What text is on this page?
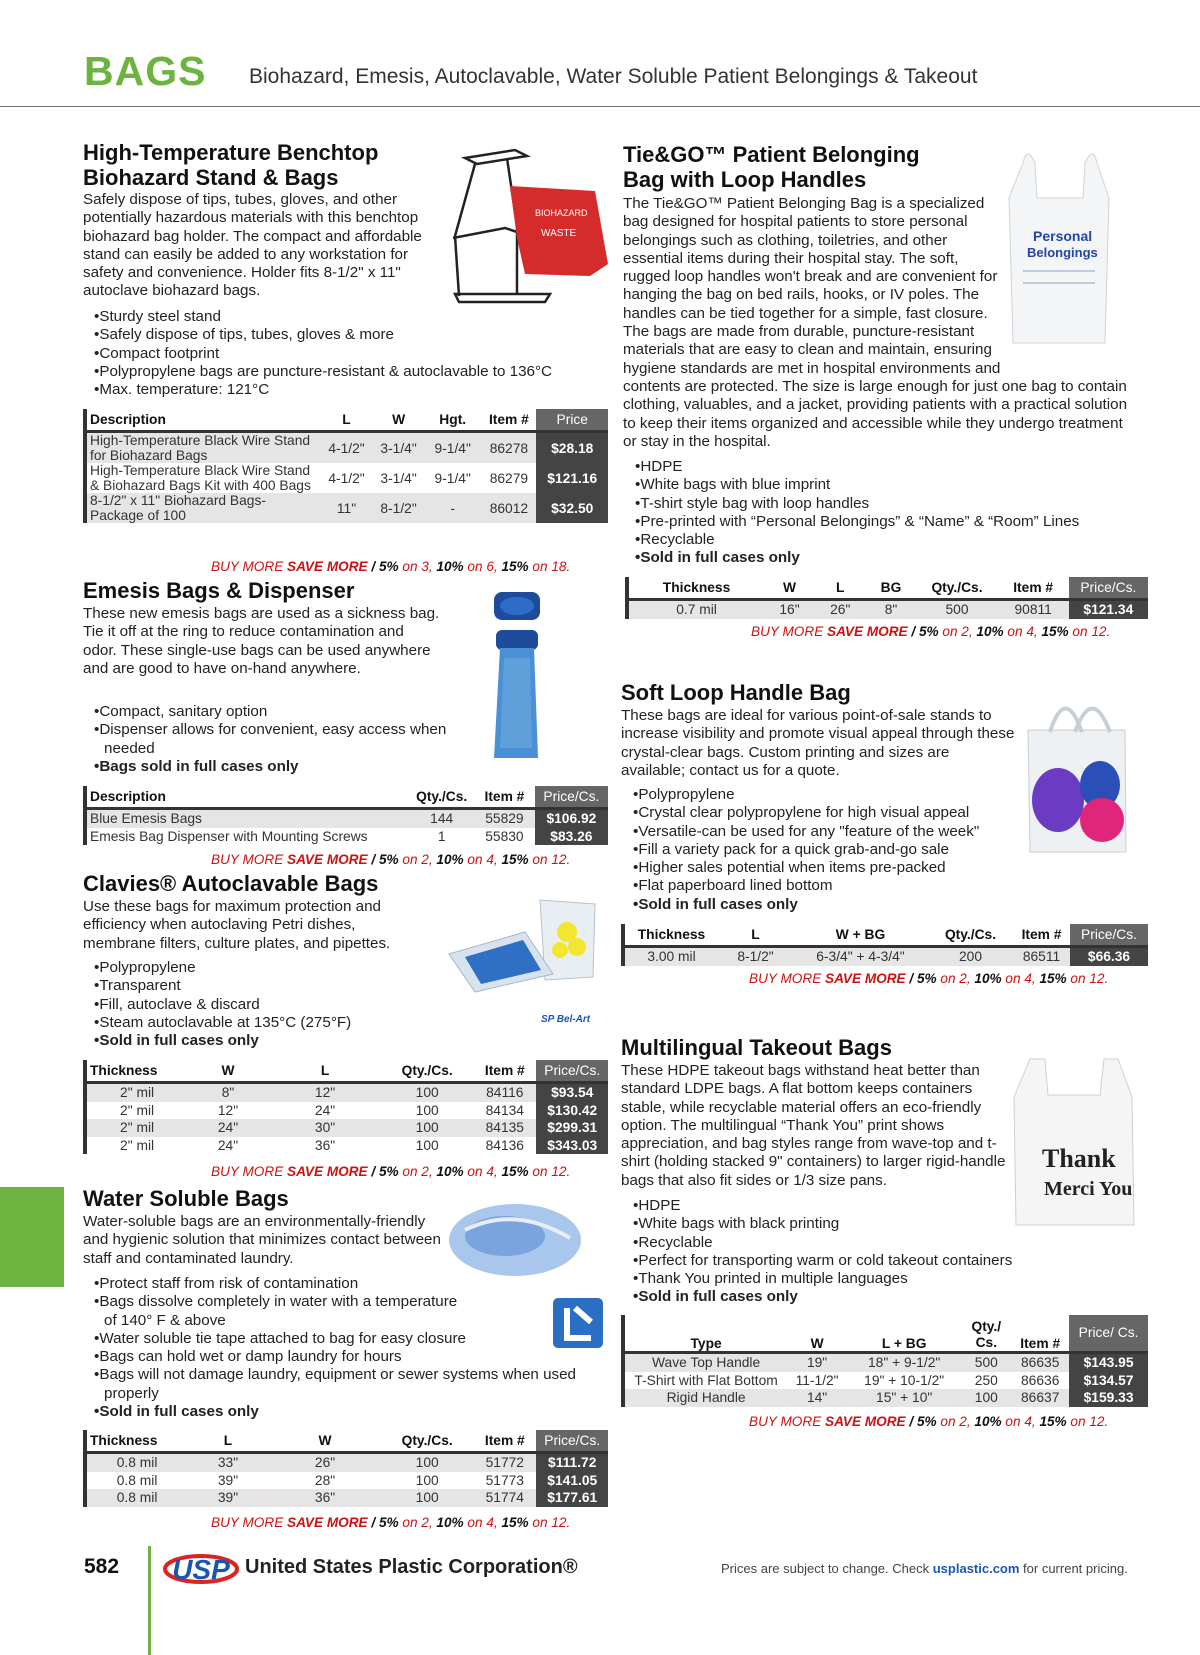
BAGS Biohazard, Emesis, Autoclavable, Water Soluble Patient Belongings & Takeout
High-Temperature Benchtop
Biohazard Stand & Bags
Safely dispose of tips, tubes, gloves, and other potentially hazardous materials with this benchtop biohazard bag holder. The compact and affordable stand can easily be added to any workstation for safety and convenience. Holder fits 8-1/2" x 11" autoclave biohazard bags.
BIOHAZARD
WASTE
• Sturdy steel stand
• Safely dispose of tips, tubes, gloves & more
• Compact footprint
• Polypropylene bags are puncture-resistant & autoclavable to 136°C
• Max. temperature: 121°C
Description	L	W	Hgt.	Item #	Price
High-Temperature Black Wire Stand for Biohazard Bags	4-1/2"	3-1/4"	9-1/4"	86278	$28.18
High-Temperature Black Wire Stand & Biohazard Bags Kit with 400 Bags	4-1/2"	3-1/4"	9-1/4"	86279	$121.16
8-1/2" x 11" Biohazard Bags-Package of 100	11"	8-1/2"	-	86012	$32.50
BUY MORE SAVE MORE / 5% on 3, 10% on 6, 15% on 18.
Emesis Bags & Dispenser
These new emesis bags are used as a sickness bag. Tie it off at the ring to reduce contamination and odor. These single-use bags can be used anywhere and are good to have on-hand anywhere.
• Compact, sanitary option
• Dispenser allows for convenient, easy access when needed
• Bags sold in full cases only
Description	Qty./Cs.	Item #	Price/Cs.
Blue Emesis Bags	144	55829	$106.92
Emesis Bag Dispenser with Mounting Screws	1	55830	$83.26
BUY MORE SAVE MORE / 5% on 2, 10% on 4, 15% on 12.
Clavies® Autoclavable Bags
Use these bags for maximum protection and efficiency when autoclaving Petri dishes, membrane filters, culture plates, and pipettes.
SP Bel-Art
• Polypropylene
• Transparent
• Fill, autoclave & discard
• Steam autoclavable at 135°C (275°F)
• Sold in full cases only
Thickness	W	L	Qty./Cs.	Item #	Price/Cs.
2" mil	8"	12"	100	84116	$93.54
2" mil	12"	24"	100	84134	$130.42
2" mil	24"	30"	100	84135	$299.31
2" mil	24"	36"	100	84136	$343.03
BUY MORE SAVE MORE / 5% on 2, 10% on 4, 15% on 12.
Water Soluble Bags
Water-soluble bags are an environmentally-friendly and hygienic solution that minimizes contact between staff and contaminated laundry.
• Protect staff from risk of contamination
• Bags dissolve completely in water with a temperature of 140° F & above
• Water soluble tie tape attached to bag for easy closure
• Bags can hold wet or damp laundry for hours
• Bags will not damage laundry, equipment or sewer systems when used properly
• Sold in full cases only
Thickness	L	W	Qty./Cs.	Item #	Price/Cs.
0.8 mil	33"	26"	100	51772	$111.72
0.8 mil	39"	28"	100	51773	$141.05
0.8 mil	39"	36"	100	51774	$177.61
BUY MORE SAVE MORE / 5% on 2, 10% on 4, 15% on 12.
Tie&GO™ Patient Belonging
Bag with Loop Handles
Personal
Belongings
The Tie&GO™ Patient Belonging Bag is a specialized bag designed for hospital patients to store personal belongings such as clothing, toiletries, and other essential items during their hospital stay. The soft, rugged loop handles won't break and are convenient for hanging the bag on bed rails, hooks, or IV poles. The handles can be tied together for a simple, fast closure. The bags are made from durable, puncture-resistant materials that are easy to clean and maintain, ensuring hygiene standards are met in hospital environments and contents are protected. The size is large enough for just one bag to contain clothing, valuables, and a jacket, providing patients with a practical solution to keep their items organized and accessible while they undergo treatment or stay in the hospital.
• HDPE
• White bags with blue imprint
• T-shirt style bag with loop handles
• Pre-printed with “Personal Belongings” & “Name” & “Room” Lines
• Recyclable
• Sold in full cases only
Thickness	W	L	BG	Qty./Cs.	Item #	Price/Cs.
0.7 mil	16"	26"	8"	500	90811	$121.34
BUY MORE SAVE MORE / 5% on 2, 10% on 4, 15% on 12.
Soft Loop Handle Bag
These bags are ideal for various point-of-sale stands to increase visibility and promote visual appeal through these crystal-clear bags. Custom printing and sizes are available; contact us for a quote.
• Polypropylene
• Crystal clear polypropylene for high visual appeal
• Versatile-can be used for any "feature of the week"
• Fill a variety pack for a quick grab-and-go sale
• Higher sales potential when items pre-packed
• Flat paperboard lined bottom
• Sold in full cases only
Thickness	L	W + BG	Qty./Cs.	Item #	Price/Cs.
3.00 mil	8-1/2"	6-3/4" + 4-3/4"	200	86511	$66.36
BUY MORE SAVE MORE / 5% on 2, 10% on 4, 15% on 12.
Multilingual Takeout Bags
These HDPE takeout bags withstand heat better than standard LDPE bags. A flat bottom keeps containers stable, while recyclable material offers an eco-friendly option. The multilingual “Thank You” print shows appreciation, and bag styles range from wave-top and t-shirt (holding stacked 9" containers) to larger rigid-handle bags that also fit sides or 1/3 size pans.
Thank
Merci You
• HDPE
• White bags with black printing
• Recyclable
• Perfect for transporting warm or cold takeout containers
• Thank You printed in multiple languages
• Sold in full cases only
Type	W	L + BG	Qty./ Cs.	Item #	Price/ Cs.
Wave Top Handle	19"	18" + 9-1/2"	500	86635	$143.95
T-Shirt with Flat Bottom	11-1/2"	19" + 10-1/2"	250	86636	$134.57
Rigid Handle	14"	15" + 10"	100	86637	$159.33
BUY MORE SAVE MORE / 5% on 2, 10% on 4, 15% on 12.
582 USP United States Plastic Corporation®	Prices are subject to change. Check usplastic.com for current pricing.
